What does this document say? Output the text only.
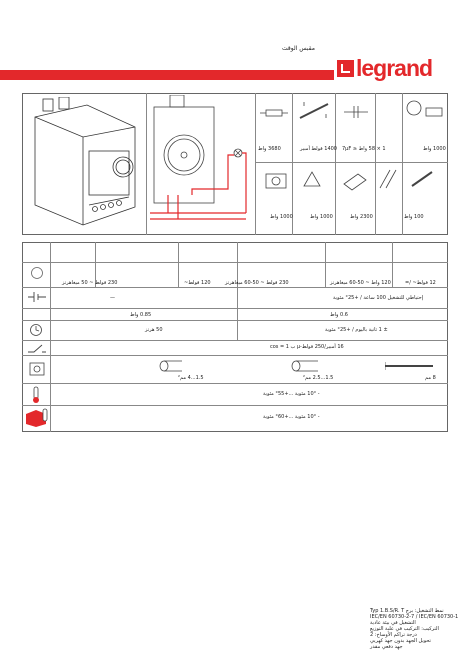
مقبس الوقت
legrand
3680 واط	1400 فولط أمبير 1 × 58 واط ≤ 7µF	1000 واط
1000 واط	1000 واط	2300 واط	100 واط
230 فولط ~ 50 ميغاهرتز	120 فولط~	230 فولط ~ 50-60 ميغاهرتز	120 واط ~ 50-60 ميغاهرتز	12 فولط~ /=
—	إحتياطي للتشغيل 100 ساعة / +25° مئوية
0.85 واط	0.6 واط
50 هرتز	± 1 ثانية باليوم / +25° مئوية
16 أمبير/250 فولط-µ ب cos = 1
1.5...4 مم²	1.5...2.5 مم²	8 مم
- 10° مئوية ...+55° مئوية
- 10° مئوية ...+60° مئوية
Typ 1.B.S/R. T نمط التشغيل: برج
IEC/EN 60730-2-7 / IEC/EN 60730-1
التشغيل في بيئة عادية
التركيب: التركيب في علبة التوزيع
درجة تراكم الأوساخ: 2
تحويل الجهد بدون جهد كهربي
جهد دفعي مقدر
